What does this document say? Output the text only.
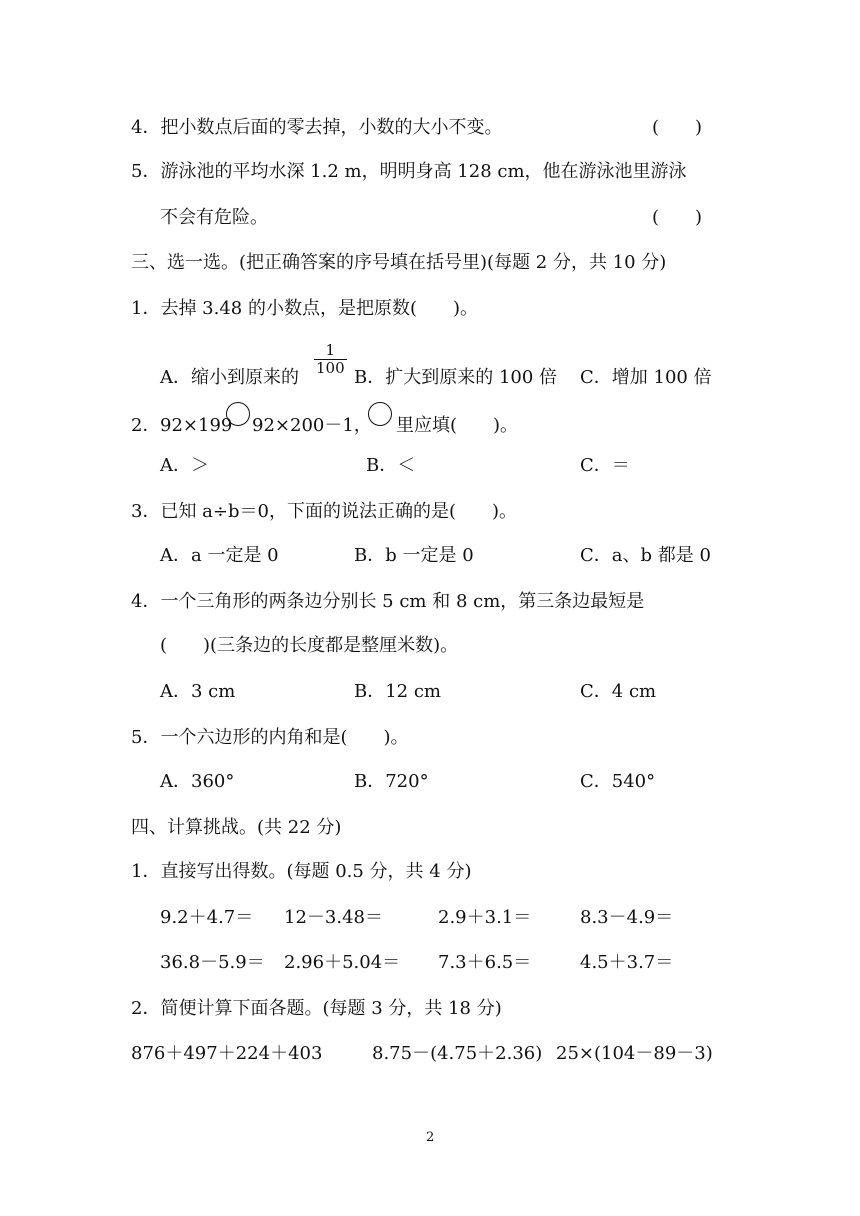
4．把小数点后面的零去掉，小数的大小不变。	(　　)
5．游泳池的平均水深 1.2 m，明明身高 128 cm，他在游泳池里游泳
不会有危险。	(　　)
三、选一选。(把正确答案的序号填在括号里)(每题 2 分，共 10 分)
1．去掉 3.48 的小数点，是把原数(　　)。
A．缩小到原来的
$\frac{1}{100}$
B．扩大到原来的 100 倍 C．增加 100 倍
2． 92×199 92×200－1， 里应填(　　)。
A．＞	B．＜	C．＝
3．已知 a÷b＝0，下面的说法正确的是(　　)。
A．a 一定是 0	B．b 一定是 0	C．a、b 都是 0
4．一个三角形的两条边分别长 5 cm 和 8 cm，第三条边最短是
(　　)(三条边的长度都是整厘米数)。
A．3 cm	B．12 cm	C．4 cm
5．一个六边形的内角和是(　　)。
A．360°	B．720°	C．540°
四、计算挑战。(共 22 分)
1．直接写出得数。(每题 0.5 分，共 4 分)
9.2＋4.7＝ 12－3.48＝	2.9＋3.1＝	8.3－4.9＝
36.8－5.9＝ 2.96＋5.04＝ 7.3＋6.5＝	4.5＋3.7＝
2．简便计算下面各题。(每题 3 分，共 18 分)
876＋497＋224＋403	8.75－(4.75＋2.36) 25×(104－89－3)
2
